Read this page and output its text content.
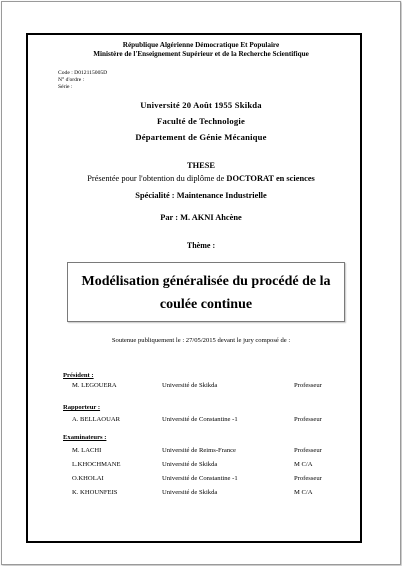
République Algérienne Démocratique Et Populaire
Ministère de l'Enseignement Supérieur et de la Recherche Scientifique
Code : D012115005D
N° d'ordre :
Série :
Université 20 Août 1955 Skikda
Faculté de Technologie
Département de Génie Mécanique
THESE
Présentée pour l'obtention du diplôme de DOCTORAT en sciences
Spécialité : Maintenance Industrielle
Par : M. AKNI Ahcène
Thème :
Modélisation généralisée du procédé de la
coulée continue
Soutenue publiquement le : 27/05/2015 devant le jury composé de :
Président :
M. LEGOUERA	Université de Skikda	Professeur
Rapporteur :
A. BELLAOUAR	Université de Constantine -1	Professeur
Examinateurs :
M. LACHI	Université de Reims-France	Professeur
L.KHOCHMANE	Université de Skikda	M C/A
O.KHOLAI	Université de Constantine -1	Professeur
K. KHOUNFEIS	Université de Skikda	M C/A
